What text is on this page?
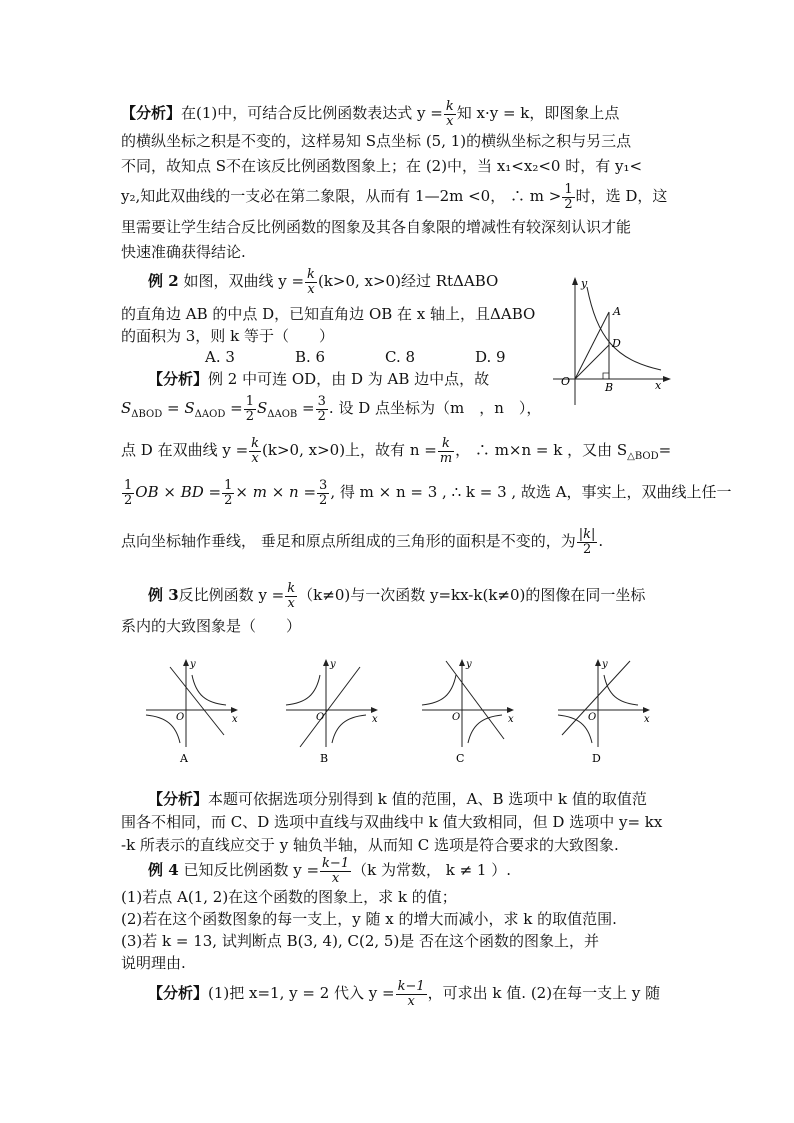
【分析】在(1)中，可结合反比例函数表达式 $y = \frac{k}{x}$ 知 x·y = k，即图象上点
的横纵坐标之积是不变的，这样易知 S点坐标 (5, 1)的横纵坐标之积与另三点
不同，故知点 S不在该反比例函数图象上；在 (2)中，当 x₁<x₂<0 时，有 y₁<
y₂,知此双曲线的一支必在第二象限，从而有 1—2m <0， ∴ $m > \frac{1}{2}$ 时，选 D，这
里需要让学生结合反比例函数的图象及其各自象限的增减性有较深刻认识才能
快速准确获得结论.
例 2 如图，双曲线 $y = \frac{k}{x} (k>0$, x>0)经过 RtΔABO
的直角边 AB 的中点 D，已知直角边 OB 在 x 轴上，且ΔABO
的面积为 3，则 k 等于（　　）
A. 3	B. 6	C. 8	D. 9
y
x
O
A
B
D
【分析】例 2 中可连 OD，由 D 为 AB 边中点，故
$S_{\Delta BOD} = S_{\Delta AOD} = \frac{1}{2} S_{\Delta AOB} = \frac{3}{2}$ . 设 D 点坐标为（m　，n　），
点 D 在双曲线 $y = \frac{k}{x} (k>0$, x>0)上，故有 $n = \frac{k}{m}$ ， ∴ m×n = k ，又由 $S_{\triangle BOD}=$
$\frac{1}{2}$ OB × BD = $\frac{1}{2} \times m \times n = \frac{3}{2}$ , 得 m × n = 3 , ∴ k = 3 , 故选 A，事实上，双曲线上任一
点向坐标轴作垂线， 垂足和原点所组成的三角形的面积是不变的，为 $\frac{|k|}{2}$ .
例 3反比例函数 $y = \frac{k}{x} (k\ne 0)$与一次函数 y=kx-k(k≠0)的图像在同一坐标
系内的大致图象是（　　）
y
x
O
A
y
x
O
B
y
x
O
C
y
x
O
D
【分析】本题可依据选项分别得到 k 值的范围，A、B 选项中 k 值的取值范
围各不相同，而 C、D 选项中直线与双曲线中 k 值大致相同，但 D 选项中 y= kx
-k 所表示的直线应交于 y 轴负半轴，从而知 C 选项是符合要求的大致图象.
例 4 已知反比例函数 $y = \frac{k-1}{x} (k$ 为常数， k ≠ 1 ）.
(1)若点 A(1, 2)在这个函数的图象上，求 k 的值；
(2)若在这个函数图象的每一支上，y 随 x 的增大而减小，求 k 的取值范围.
(3)若 k = 13, 试判断点 B(3, 4), C(2, 5)是 否在这个函数的图象上，并
说明理由.
【分析】(1)把 x=1, y = 2 代入 $y = \frac{k-1}{x}$ ，可求出 k 值. (2)在每一支上 y 随
